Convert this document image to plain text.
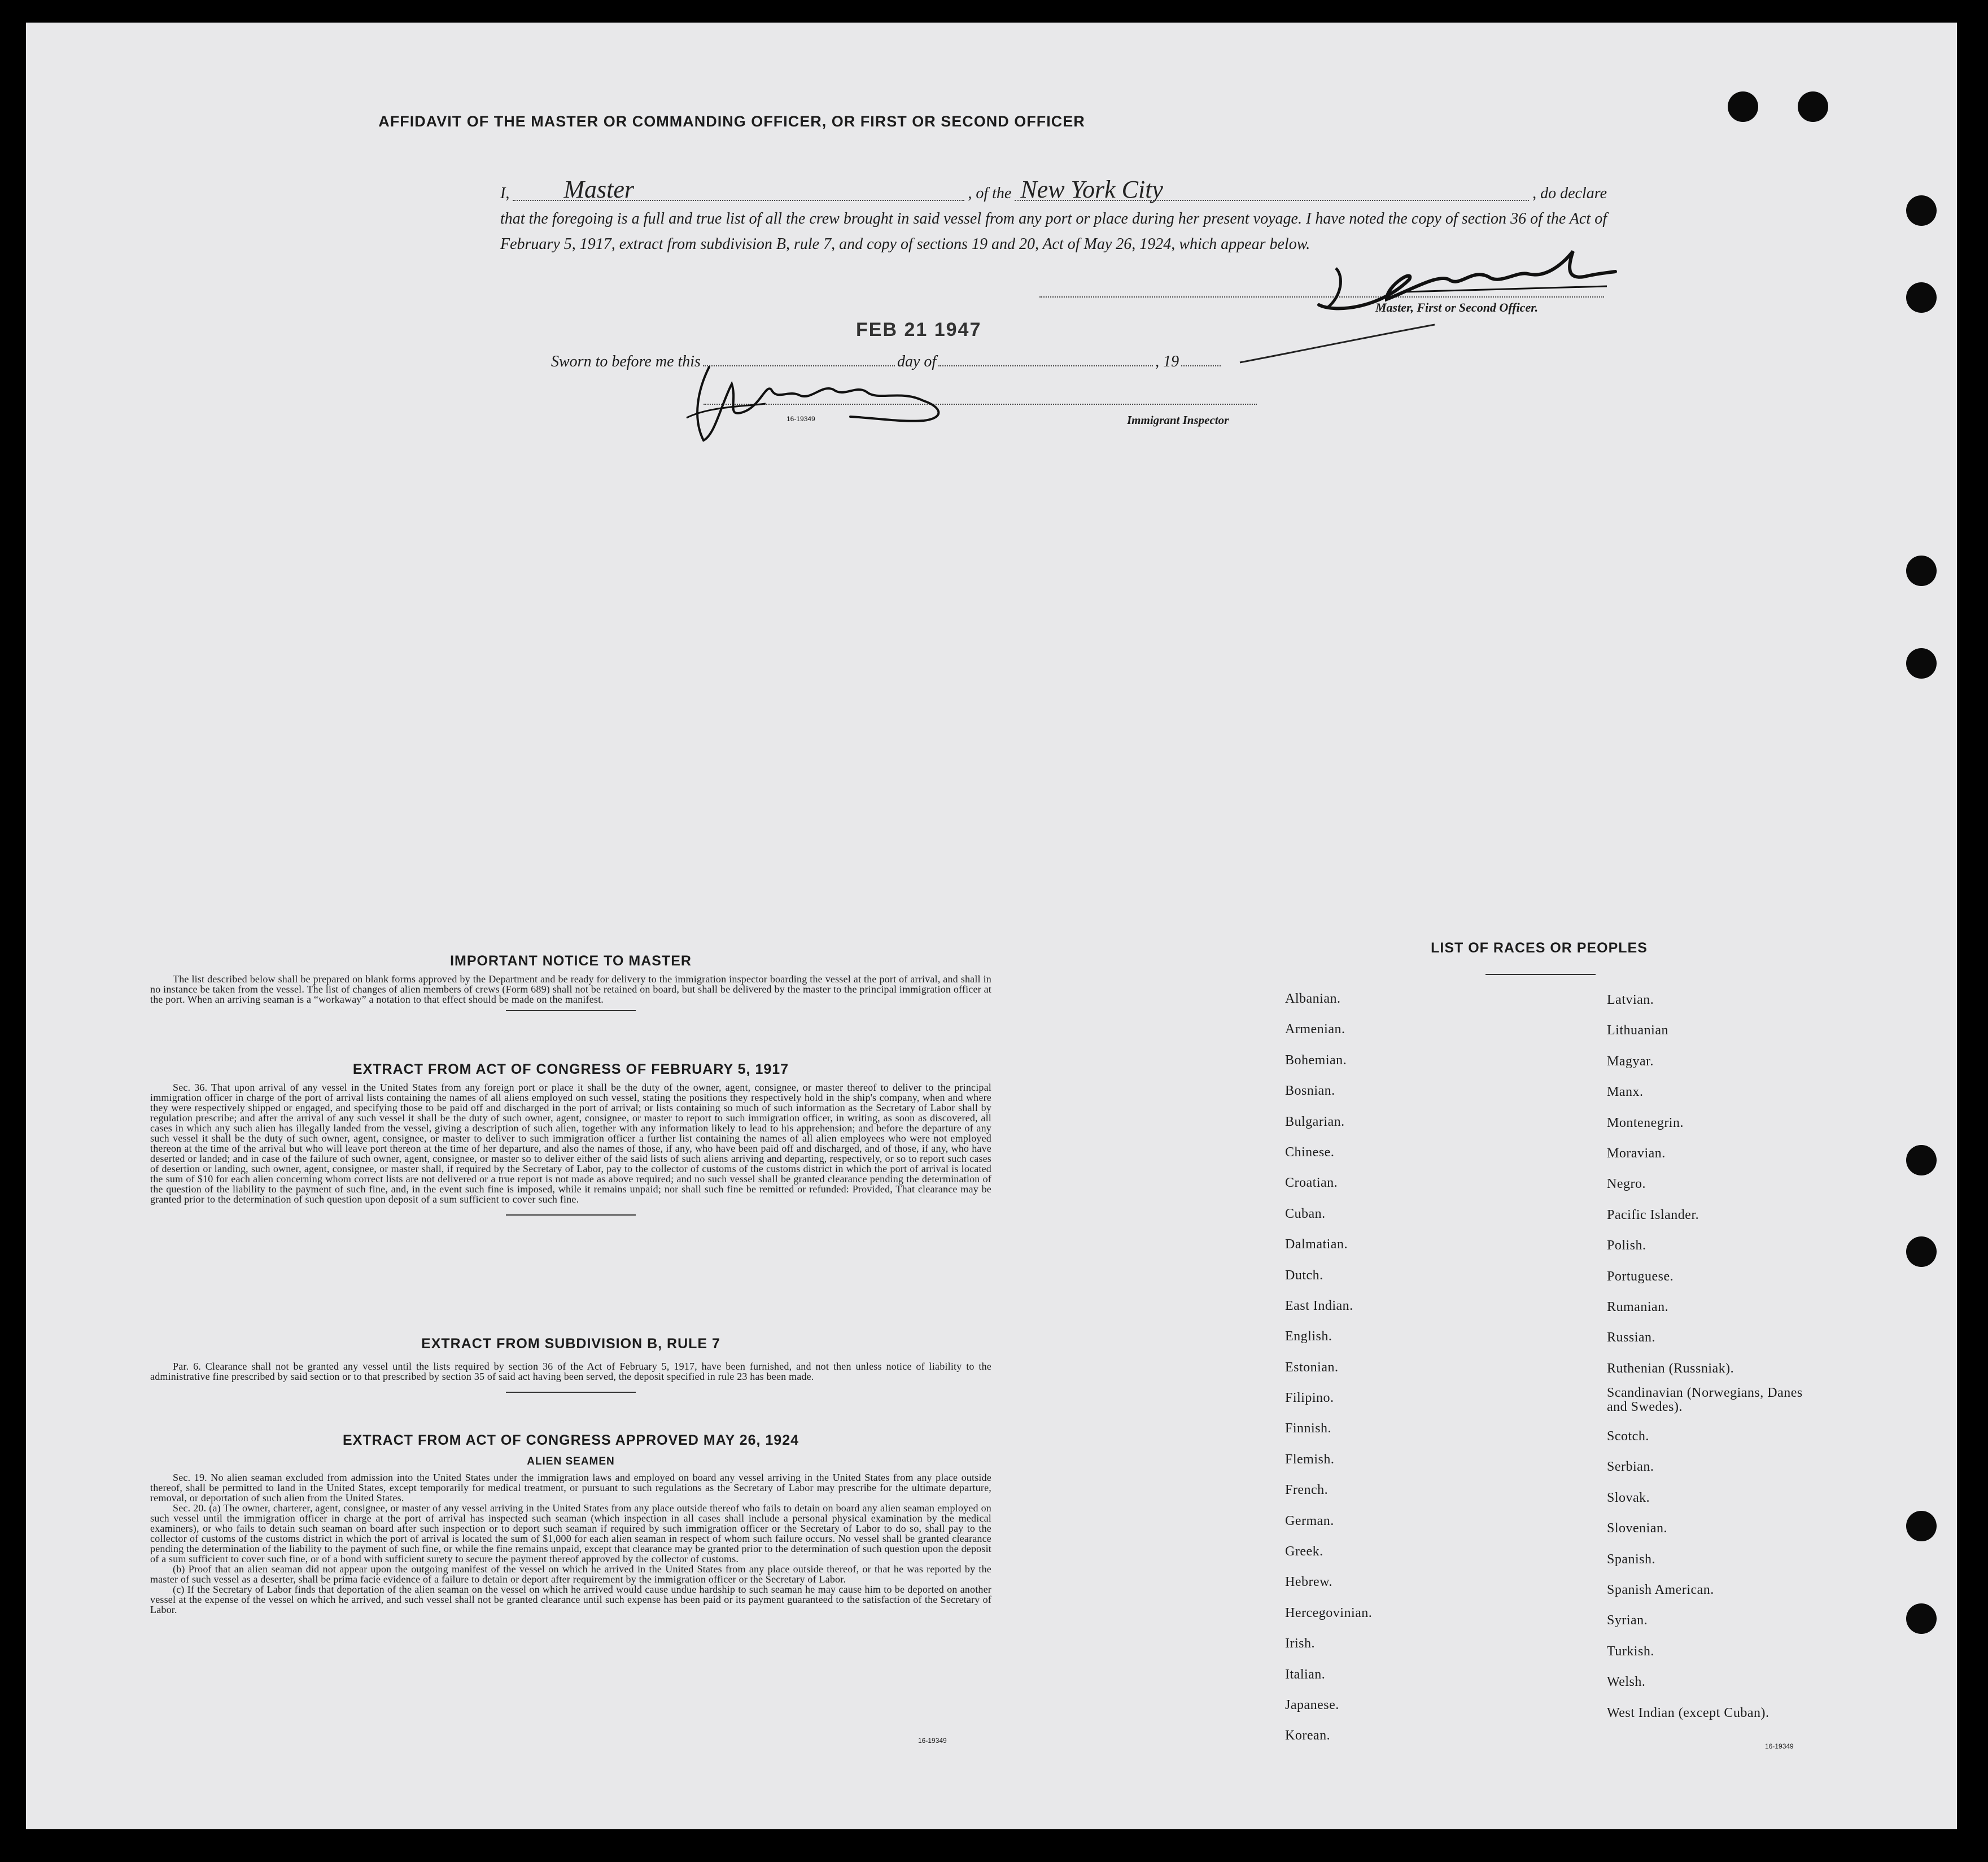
AFFIDAVIT OF THE MASTER OR COMMANDING OFFICER, OR FIRST OR SECOND OFFICER
I, Master	, of the New York City	, do declare
that the foregoing is a full and true list of all the crew brought in said vessel from any port or place during her present voyage. I have noted the copy of section 36 of the Act of February 5, 1917, extract from subdivision B, rule 7, and copy of sections 19 and 20, Act of May 26, 1924, which appear below.
FEB 21 1947
Master, First or Second Officer.
Sworn to before me this	day of	, 19
16-19349	Immigrant Inspector

IMPORTANT NOTICE TO MASTER

The list described below shall be prepared on blank forms approved by the Department and be ready for delivery to the immigration inspector boarding the vessel at the port of arrival, and shall in no instance be taken from the vessel. The list of changes of alien members of crews (Form 689) shall not be retained on board, but shall be delivered by the master to the principal immigration officer at the port. When an arriving seaman is a “workaway” a notation to that effect should be made on the manifest.

EXTRACT FROM ACT OF CONGRESS OF FEBRUARY 5, 1917

Sec. 36. That upon arrival of any vessel in the United States from any foreign port or place it shall be the duty of the owner, agent, consignee, or master thereof to deliver to the principal immigration officer in charge of the port of arrival lists containing the names of all aliens employed on such vessel, stating the positions they respectively hold in the ship's company, when and where they were respectively shipped or engaged, and specifying those to be paid off and discharged in the port of arrival; or lists containing so much of such information as the Secretary of Labor shall by regulation prescribe; and after the arrival of any such vessel it shall be the duty of such owner, agent, consignee, or master to report to such immigration officer, in writing, as soon as discovered, all cases in which any such alien has illegally landed from the vessel, giving a description of such alien, together with any information likely to lead to his apprehension; and before the departure of any such vessel it shall be the duty of such owner, agent, consignee, or master to deliver to such immigration officer a further list containing the names of all alien employees who were not employed thereon at the time of the arrival but who will leave port thereon at the time of her departure, and also the names of those, if any, who have been paid off and discharged, and of those, if any, who have deserted or landed; and in case of the failure of such owner, agent, consignee, or master so to deliver either of the said lists of such aliens arriving and departing, respectively, or so to report such cases of desertion or landing, such owner, agent, consignee, or master shall, if required by the Secretary of Labor, pay to the collector of customs of the customs district in which the port of arrival is located the sum of $10 for each alien concerning whom correct lists are not delivered or a true report is not made as above required; and no such vessel shall be granted clearance pending the determination of the question of the liability to the payment of such fine, and, in the event such fine is imposed, while it remains unpaid; nor shall such fine be remitted or refunded: Provided, That clearance may be granted prior to the determination of such question upon deposit of a sum sufficient to cover such fine.

EXTRACT FROM SUBDIVISION B, RULE 7

Par. 6. Clearance shall not be granted any vessel until the lists required by section 36 of the Act of February 5, 1917, have been furnished, and not then unless notice of liability to the administrative fine prescribed by said section or to that prescribed by section 35 of said act having been served, the deposit specified in rule 23 has been made.

EXTRACT FROM ACT OF CONGRESS APPROVED MAY 26, 1924

ALIEN SEAMEN

Sec. 19. No alien seaman excluded from admission into the United States under the immigration laws and employed on board any vessel arriving in the United States from any place outside thereof, shall be permitted to land in the United States, except temporarily for medical treatment, or pursuant to such regulations as the Secretary of Labor may prescribe for the ultimate departure, removal, or deportation of such alien from the United States.

Sec. 20. (a) The owner, charterer, agent, consignee, or master of any vessel arriving in the United States from any place outside thereof who fails to detain on board any alien seaman employed on such vessel until the immigration officer in charge at the port of arrival has inspected such seaman (which inspection in all cases shall include a personal physical examination by the medical examiners), or who fails to detain such seaman on board after such inspection or to deport such seaman if required by such immigration officer or the Secretary of Labor to do so, shall pay to the collector of customs of the customs district in which the port of arrival is located the sum of $1,000 for each alien seaman in respect of whom such failure occurs. No vessel shall be granted clearance pending the determination of the liability to the payment of such fine, or while the fine remains unpaid, except that clearance may be granted prior to the determination of such question upon the deposit of a sum sufficient to cover such fine, or of a bond with sufficient surety to secure the payment thereof approved by the collector of customs.

(b) Proof that an alien seaman did not appear upon the outgoing manifest of the vessel on which he arrived in the United States from any place outside thereof, or that he was reported by the master of such vessel as a deserter, shall be prima facie evidence of a failure to detain or deport after requirement by the immigration officer or the Secretary of Labor.

(c) If the Secretary of Labor finds that deportation of the alien seaman on the vessel on which he arrived would cause undue hardship to such seaman he may cause him to be deported on another vessel at the expense of the vessel on which he arrived, and such vessel shall not be granted clearance until such expense has been paid or its payment guaranteed to the satisfaction of the Secretary of Labor.

16-19349
LIST OF RACES OR PEOPLES
Albanian.
Armenian.
Bohemian.
Bosnian.
Bulgarian.
Chinese.
Croatian.
Cuban.
Dalmatian.
Dutch.
East Indian.
English.
Estonian.
Filipino.
Finnish.
Flemish.
French.
German.
Greek.
Hebrew.
Hercegovinian.
Irish.
Italian.
Japanese.
Korean.
Latvian.
Lithuanian
Magyar.
Manx.
Montenegrin.
Moravian.
Negro.
Pacific Islander.
Polish.
Portuguese.
Rumanian.
Russian.
Ruthenian (Russniak).
Scandinavian (Norwegians, Danes and Swedes).
Scotch.
Serbian.
Slovak.
Slovenian.
Spanish.
Spanish American.
Syrian.
Turkish.
Welsh.
West Indian (except Cuban).
16-19349
